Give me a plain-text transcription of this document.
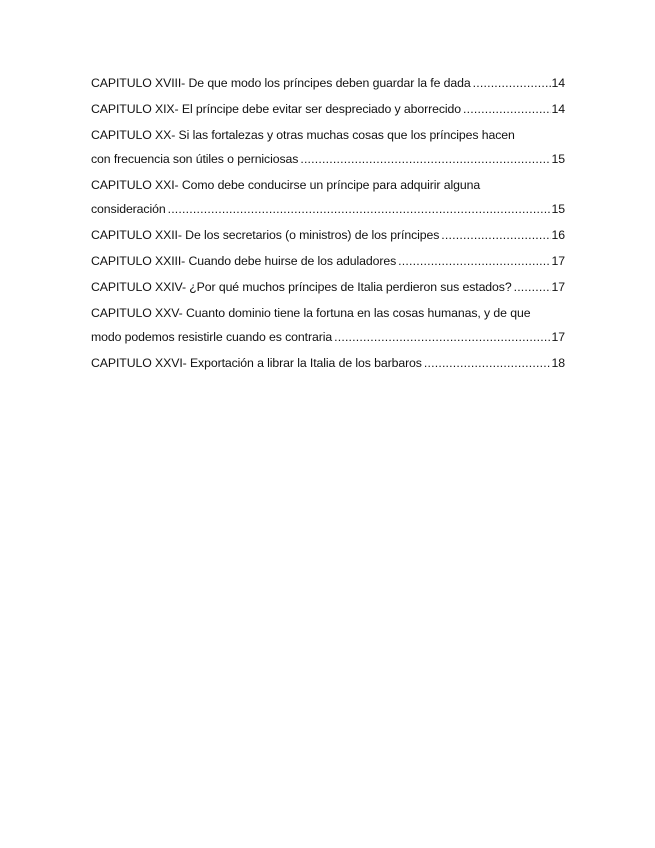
CAPITULO XVIII- De que modo los príncipes deben guardar la fe dada .....	14
CAPITULO XIX- El príncipe debe evitar ser despreciado y aborrecido .....	14
CAPITULO XX- Si las fortalezas y otras muchas cosas que los príncipes hacen
con frecuencia son útiles o perniciosas .....	15
CAPITULO XXI- Como debe conducirse un príncipe para adquirir alguna
consideración .....	15
CAPITULO XXII- De los secretarios (o ministros) de los príncipes .....	16
CAPITULO XXIII- Cuando debe huirse de los aduladores .....	17
CAPITULO XXIV- ¿Por qué muchos príncipes de Italia perdieron sus estados? .....	17
CAPITULO XXV- Cuanto dominio tiene la fortuna en las cosas humanas, y de que
modo podemos resistirle cuando es contraria .....	17
CAPITULO XXVI- Exportación a librar la Italia de los barbaros .....	18
